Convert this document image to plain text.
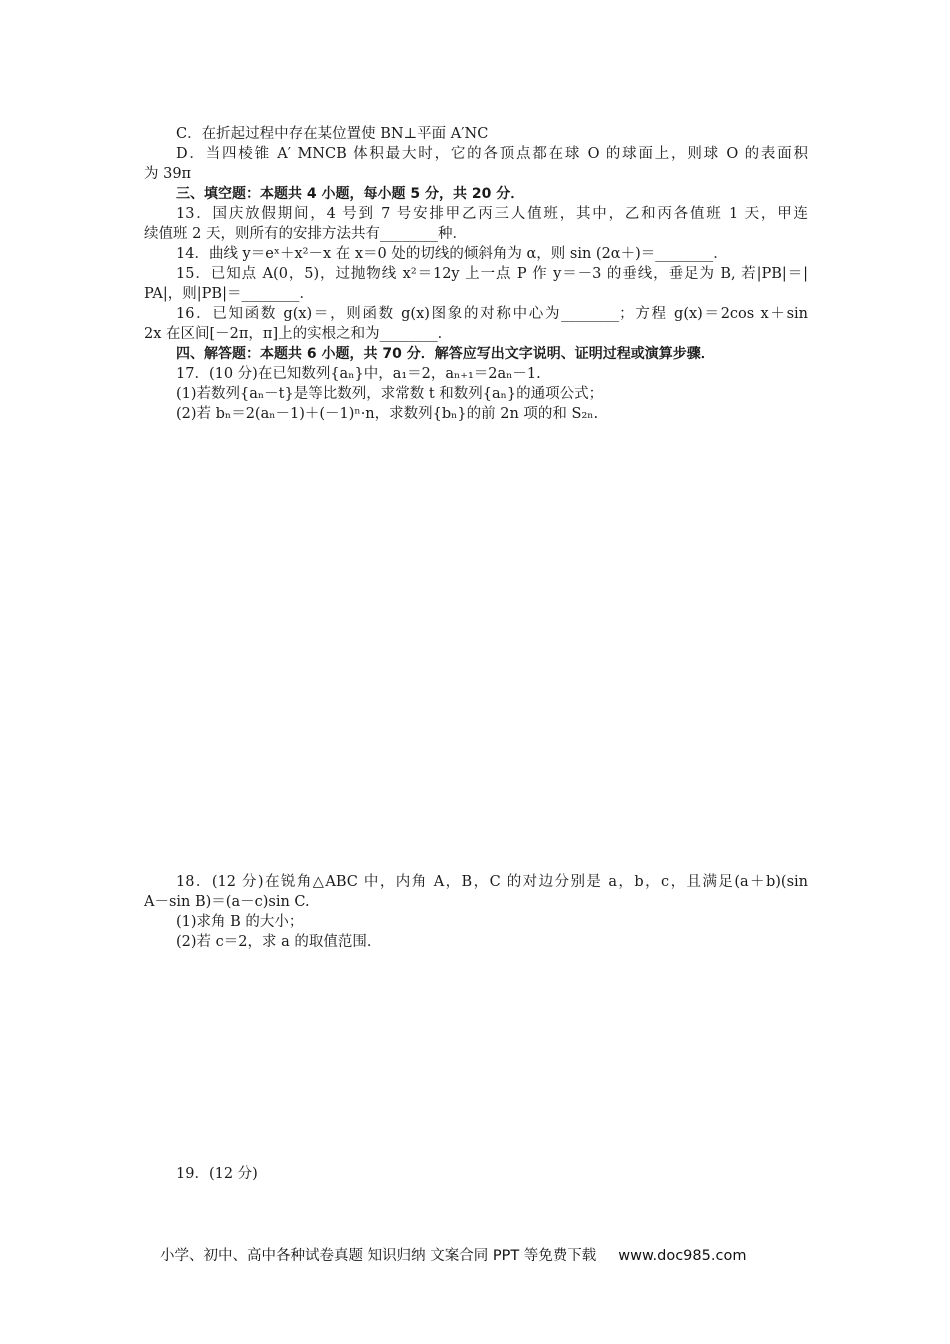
C．在折起过程中存在某位置使 BN⊥平面 A′NC
D．当四棱锥 A′ MNCB 体积最大时，它的各顶点都在球 O 的球面上，则球 O 的表面积
为 39π
三、填空题：本题共 4 小题，每小题 5 分，共 20 分．
13．国庆放假期间，4 号到 7 号安排甲乙丙三人值班，其中，乙和丙各值班 1 天，甲连
续值班 2 天，则所有的安排方法共有________种．
14．曲线 y＝eˣ＋x²－x 在 x＝0 处的切线的倾斜角为 α，则 sin (2α＋)＝________．
15．已知点 A(0，5)，过抛物线 x²＝12y 上一点 P 作 y＝－3 的垂线，垂足为 B, 若|PB|＝|
PA|，则|PB|＝________．
16．已知函数 g(x)＝，则函数 g(x)图象的对称中心为________；方程 g(x)＝2cos x＋sin
2x 在区间[－2π，π]上的实根之和为________．
四、解答题：本题共 6 小题，共 70 分．解答应写出文字说明、证明过程或演算步骤．
17．(10 分)在已知数列{aₙ}中，a₁＝2，aₙ₊₁＝2aₙ－1.
(1)若数列{aₙ－t}是等比数列，求常数 t 和数列{aₙ}的通项公式；
(2)若 bₙ＝2(aₙ－1)＋(－1)ⁿ·n，求数列{bₙ}的前 2n 项的和 S₂ₙ.
18．(12 分)在锐角△ABC 中，内角 A，B，C 的对边分别是 a，b，c，且满足(a＋b)(sin
A－sin B)＝(a－c)sin C.
(1)求角 B 的大小；
(2)若 c＝2，求 a 的取值范围．
19．(12 分)
小学、初中、高中各种试卷真题 知识归纳 文案合同 PPT 等免费下载 www.doc985.com
